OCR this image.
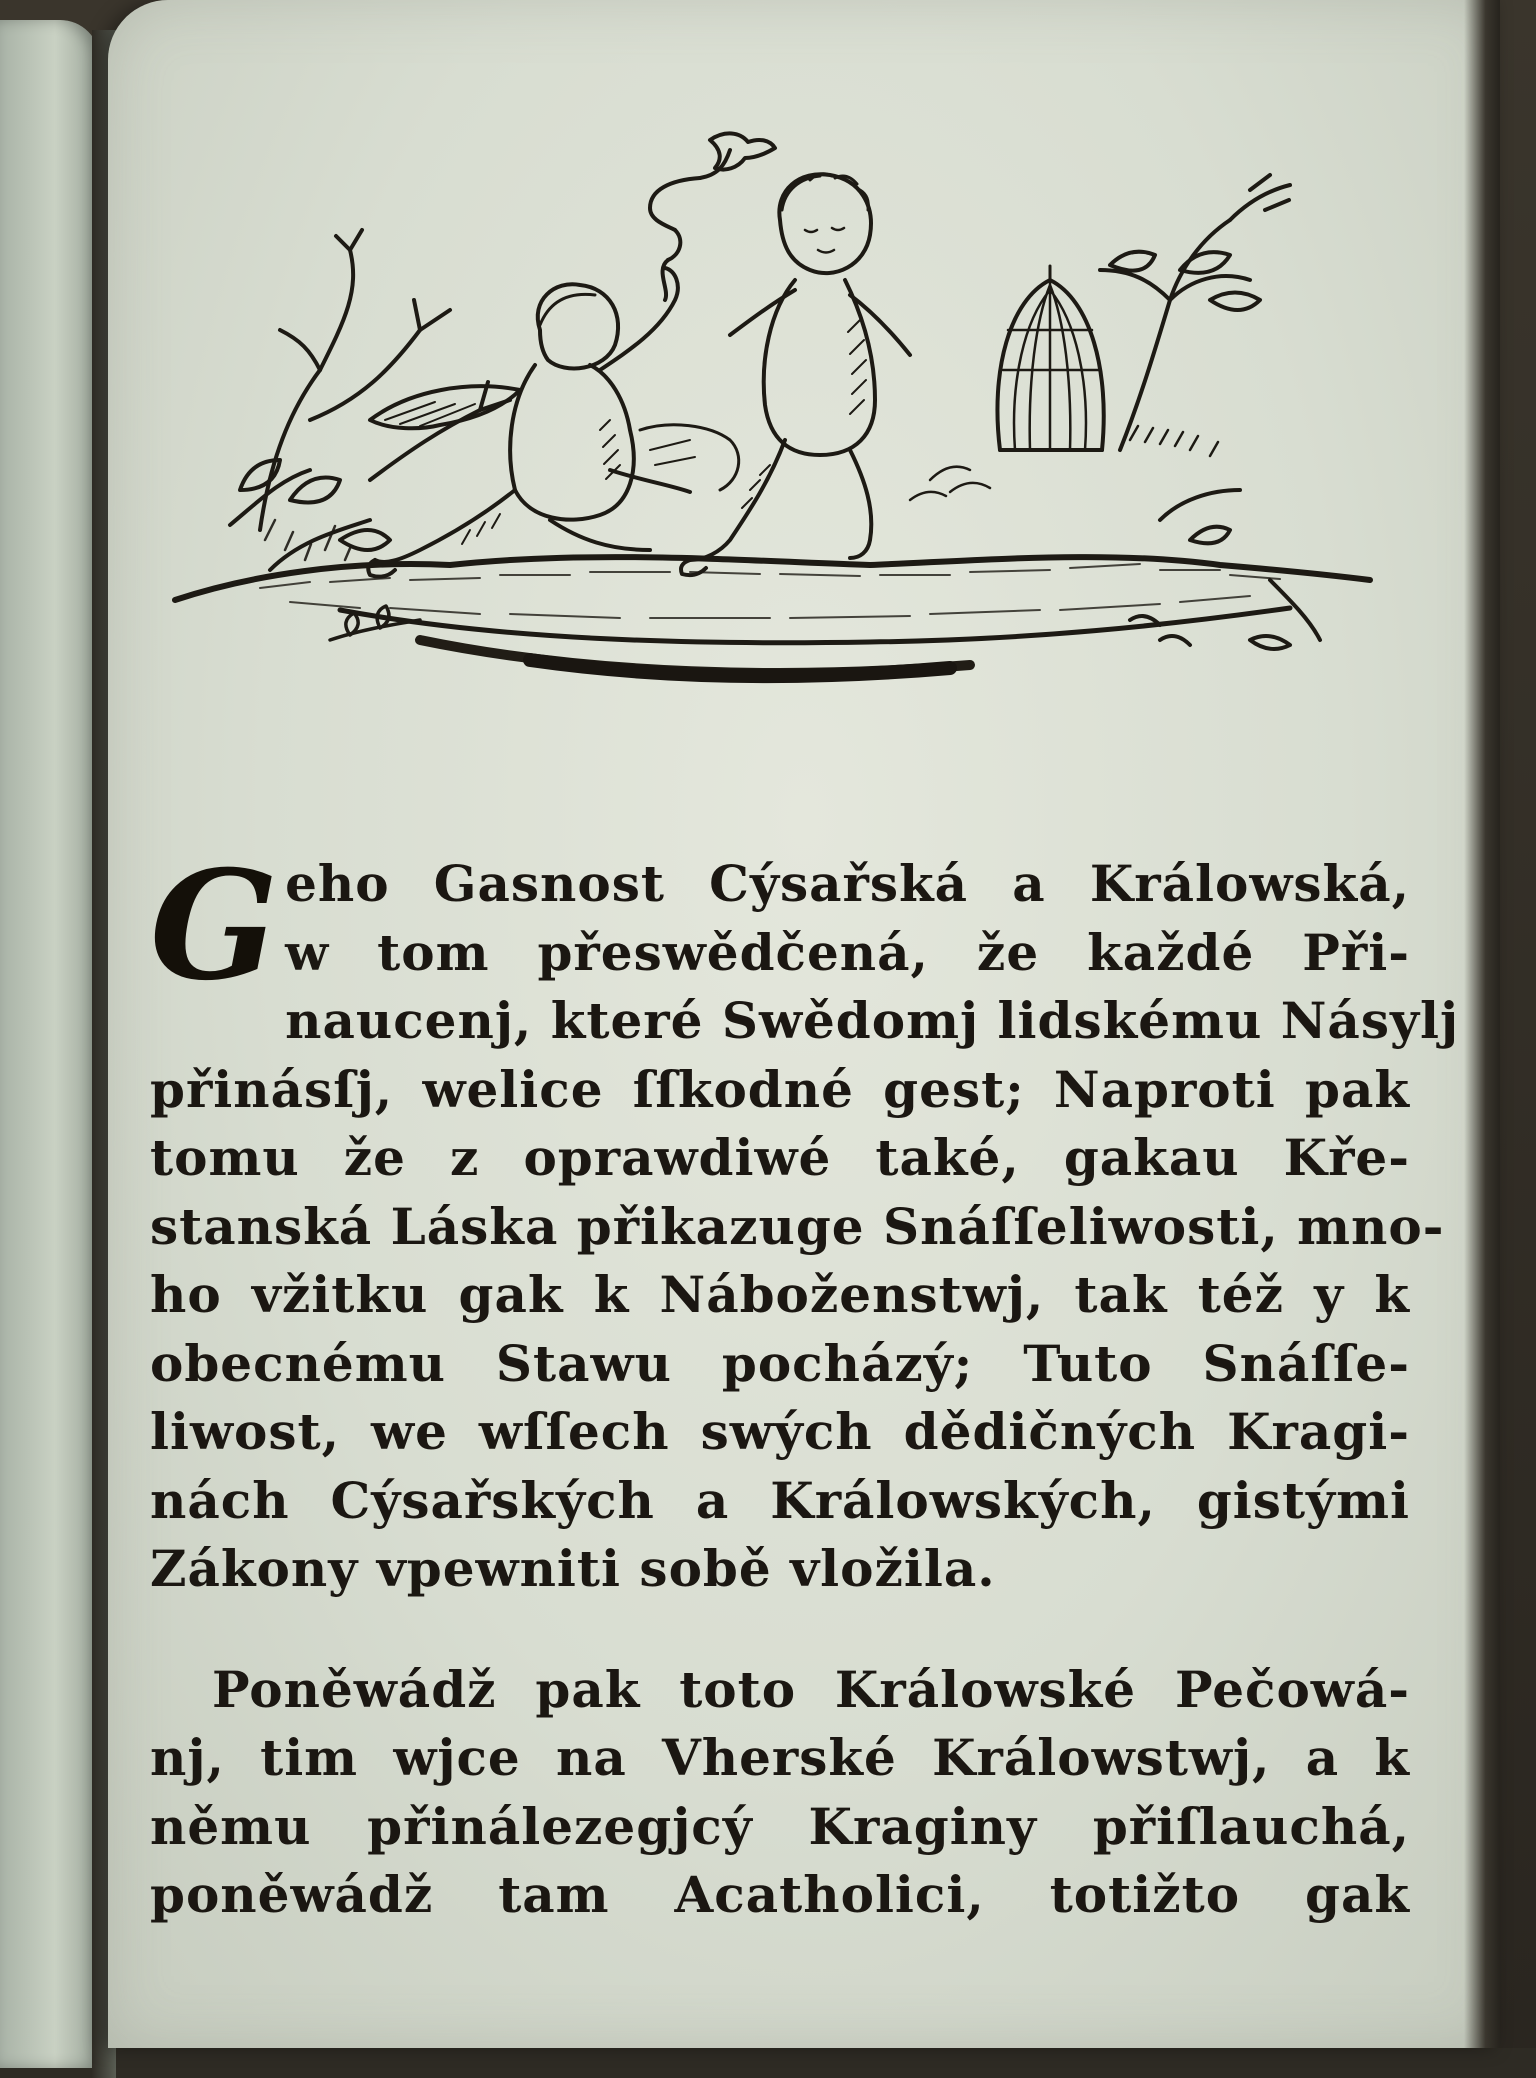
G eho Gasnost Cýsařská a Králowská,
w tom přeswědčená, že každé Při-
naucenj, které Swědomj lidskému Násylj
přinásſj, welice ſſkodné gest; Naproti pak
tomu že z oprawdiwé také, gakau Kře-
stanská Láska přikazuge Snáſſeliwosti, mno-
ho vžitku gak k Náboženstwj, tak též y k
obecnému Stawu pocházý; Tuto Snáſſe-
liwost, we wſſech swých dědičných Kragi-
nách Cýsařských a Králowských, gistými
Zákony vpewniti sobě vložila.
Poněwádž pak toto Králowské Pečowá-
nj, tim wjce na Vherské Králowstwj, a k
němu přinálezegjcý Kraginy přiſlauchá,
poněwádž tam Acatholici, totižto gak
